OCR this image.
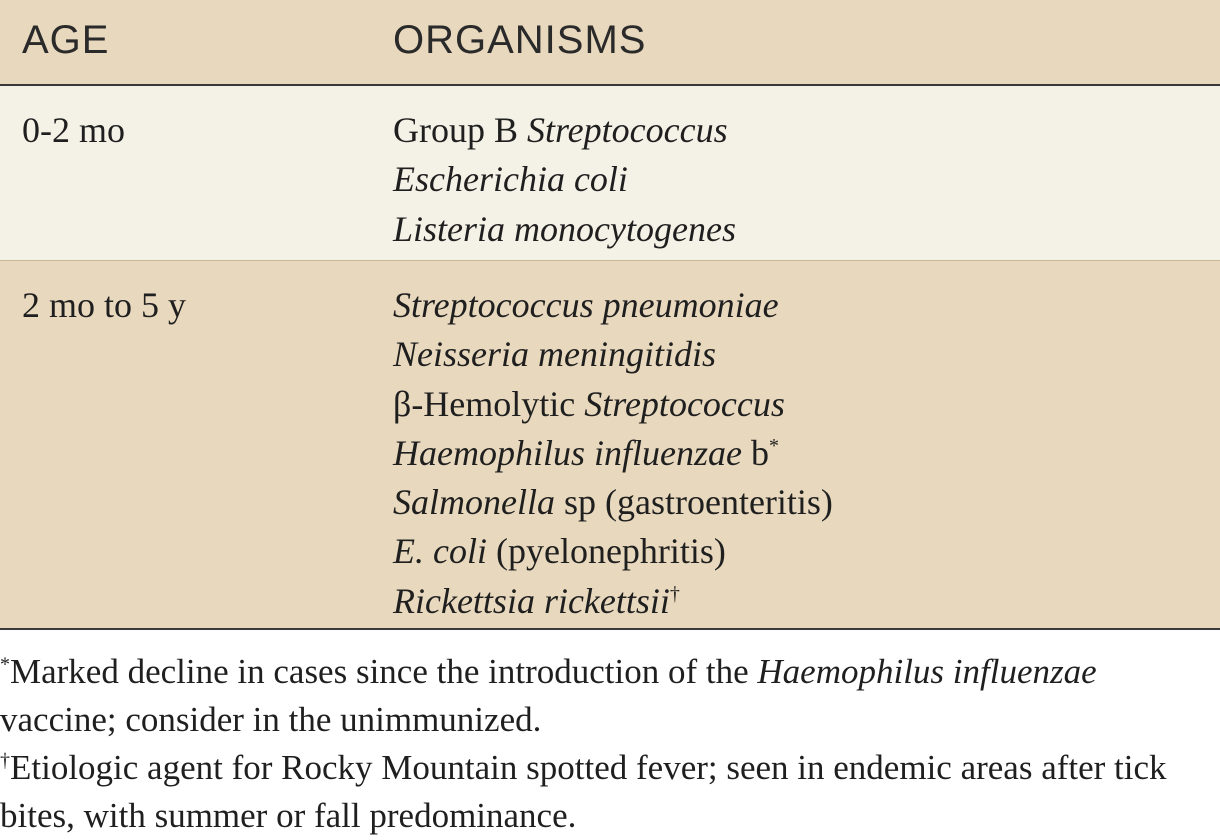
AGE	ORGANISMS
0-2 mo	Group B Streptococcus
Escherichia coli
Listeria monocytogenes
2 mo to 5 y	Streptococcus pneumoniae
Neisseria meningitidis
β-Hemolytic Streptococcus
Haemophilus influenzae b*
Salmonella sp (gastroenteritis)
E. coli (pyelonephritis)
Rickettsia rickettsii†

*Marked decline in cases since the introduction of the Haemophilus influenzae vaccine; consider in the unimmunized.

†Etiologic agent for Rocky Mountain spotted fever; seen in endemic areas after tick bites, with summer or fall predominance.
